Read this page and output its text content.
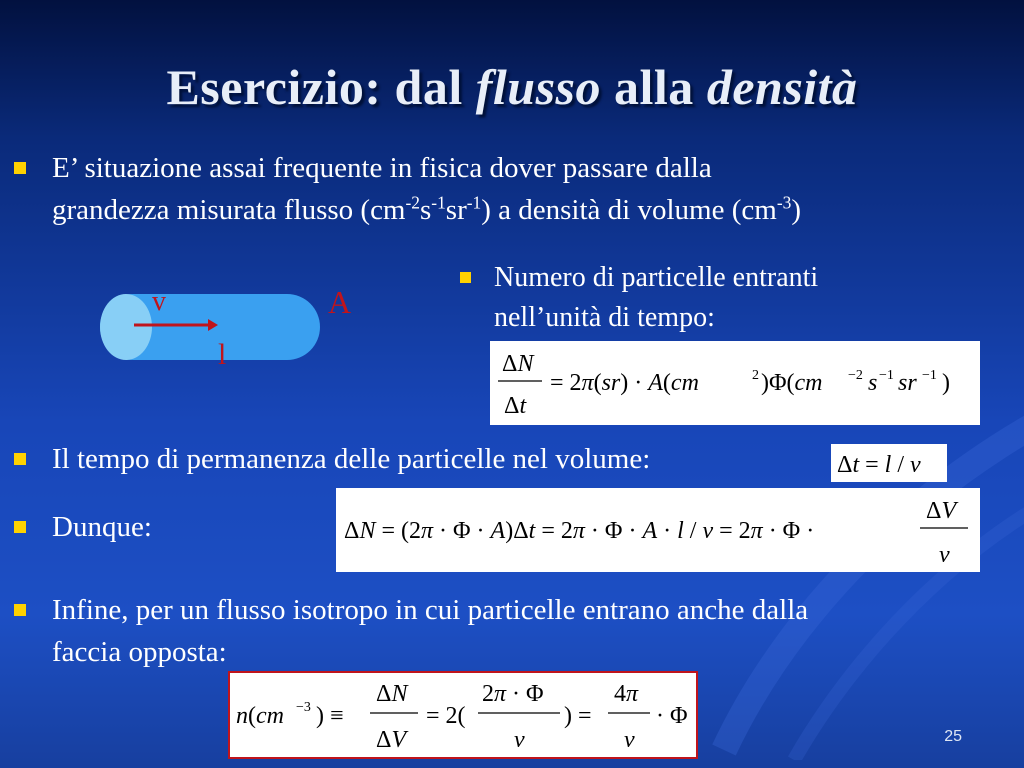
Esercizio: dal flusso alla densità
E’ situazione assai frequente in fisica dover passare dalla
grandezza misurata flusso $(cm^{-2}s^{-1}sr^{-1})$ a densità di volume $(cm^{-3})$
v	A
l
Numero di particelle entranti
nell’unità di tempo:
ΔN
Δt
= 2π(sr) · A(cm	2 )Φ(cm −2 s −1 sr −1 )
Il tempo di permanenza delle particelle nel volume:	Δt = l / v
Dunque:	ΔN = (2π · Φ · A)Δt = 2π · Φ · A · l / v = 2π · Φ ·
ΔV
v
Infine, per un flusso isotropo in cui particelle entrano anche dalla
faccia opposta:
n(cm −3 ) ≡
ΔN
ΔV
= 2(
2π · Φ
v
) =
4π
v
· Φ
25
